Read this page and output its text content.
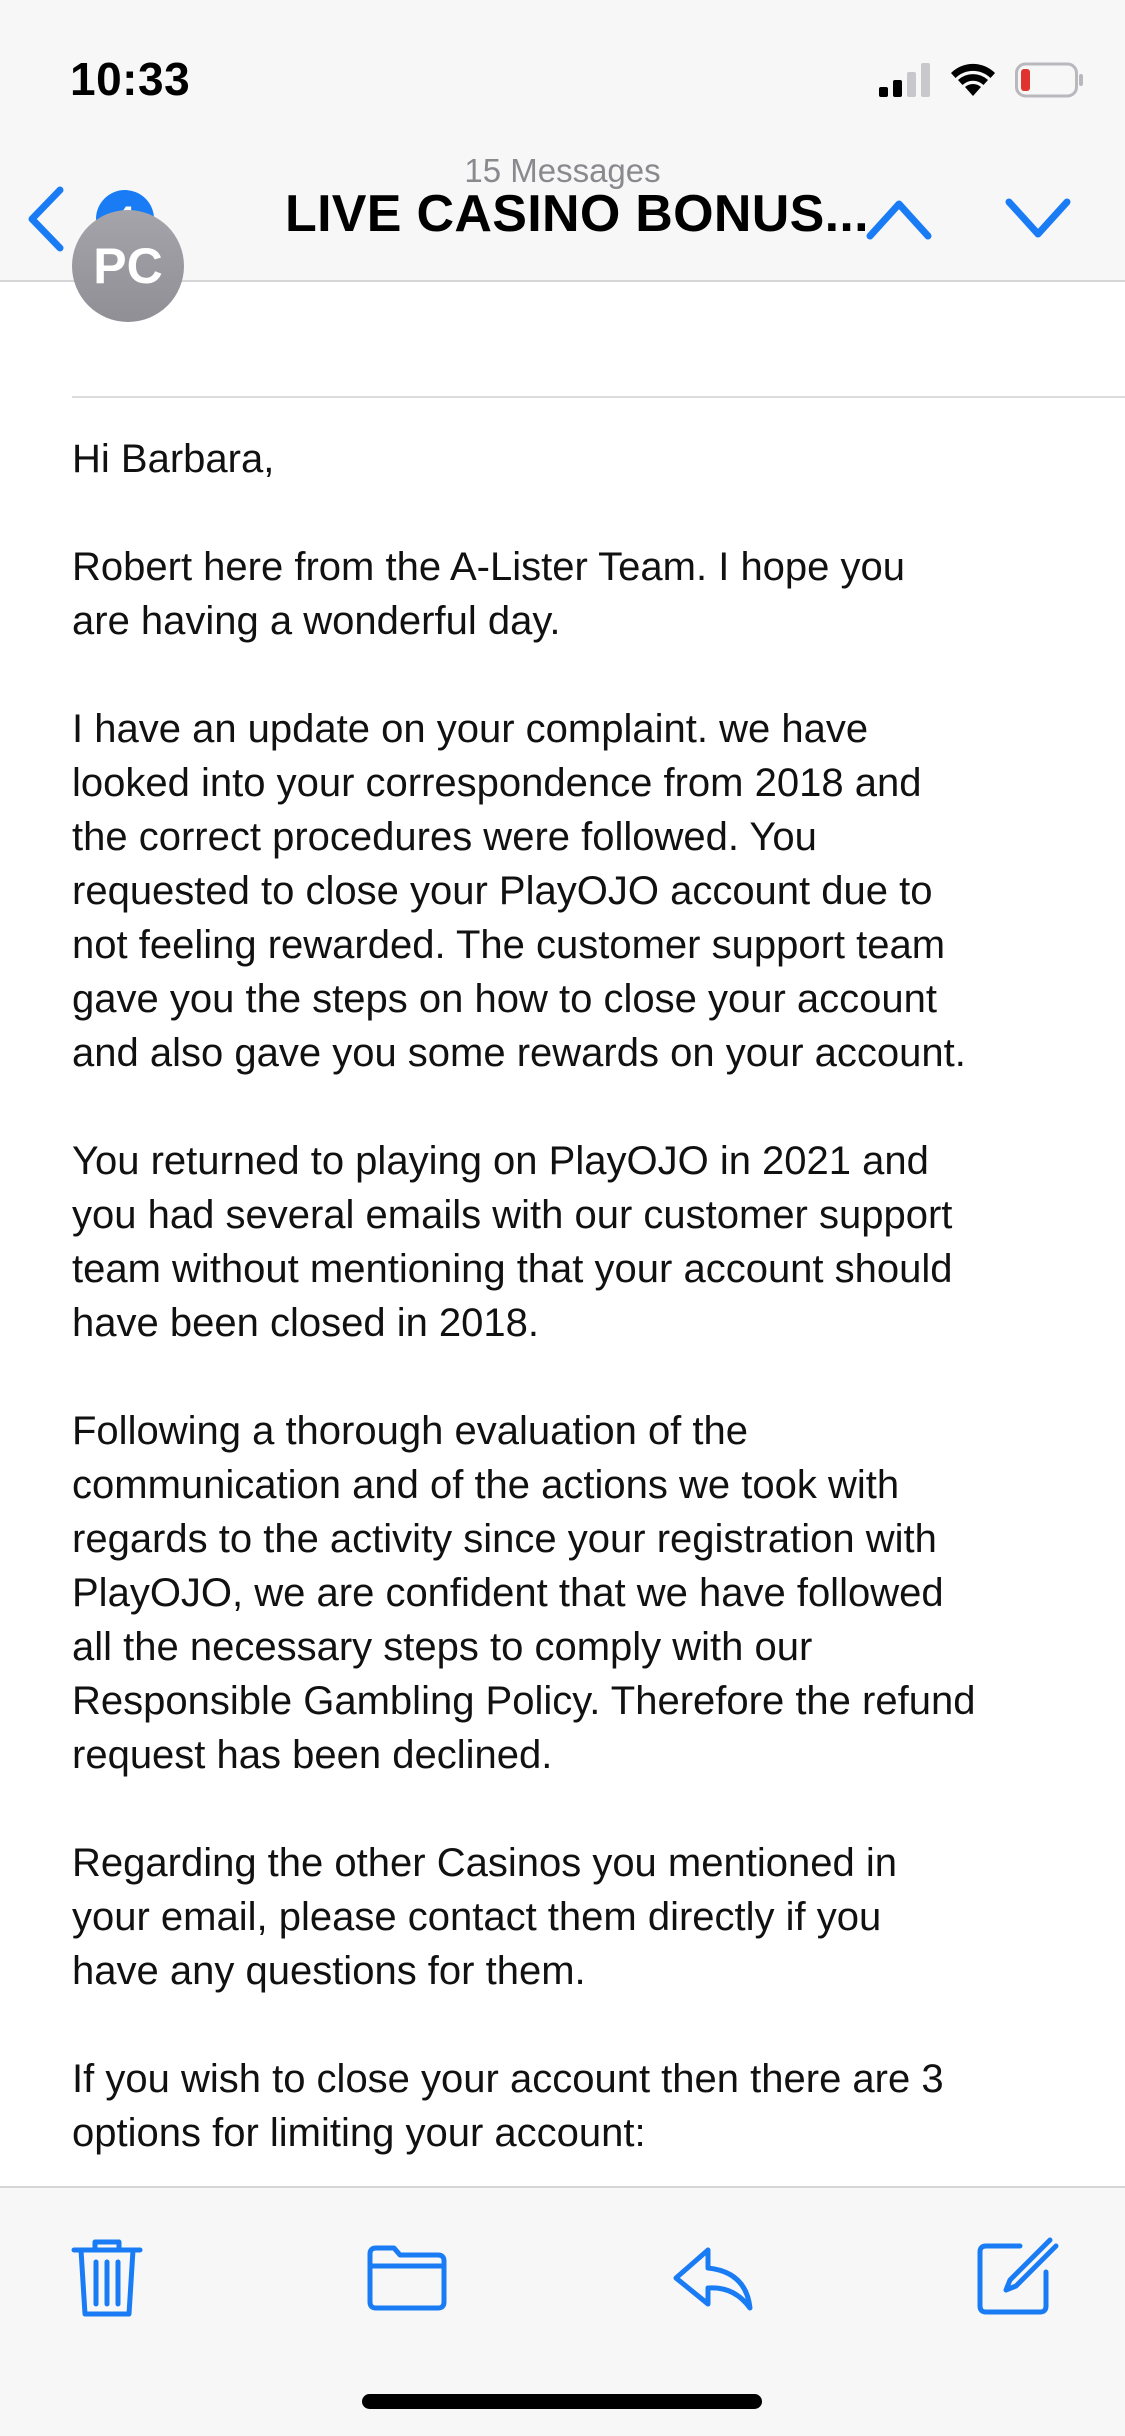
10:33
15 Messages
LIVE CASINO BONUS...
PC

Hi Barbara,

Robert here from the A-Lister Team. I hope you
are having a wonderful day.

I have an update on your complaint. we have
looked into your correspondence from 2018 and
the correct procedures were followed. You
requested to close your PlayOJO account due to
not feeling rewarded. The customer support team
gave you the steps on how to close your account
and also gave you some rewards on your account.

You returned to playing on PlayOJO in 2021 and
you had several emails with our customer support
team without mentioning that your account should
have been closed in 2018.

Following a thorough evaluation of the
communication and of the actions we took with
regards to the activity since your registration with
PlayOJO, we are confident that we have followed
all the necessary steps to comply with our
Responsible Gambling Policy. Therefore the refund
request has been declined.

Regarding the other Casinos you mentioned in
your email, please contact them directly if you
have any questions for them.

If you wish to close your account then there are 3
options for limiting your account:
